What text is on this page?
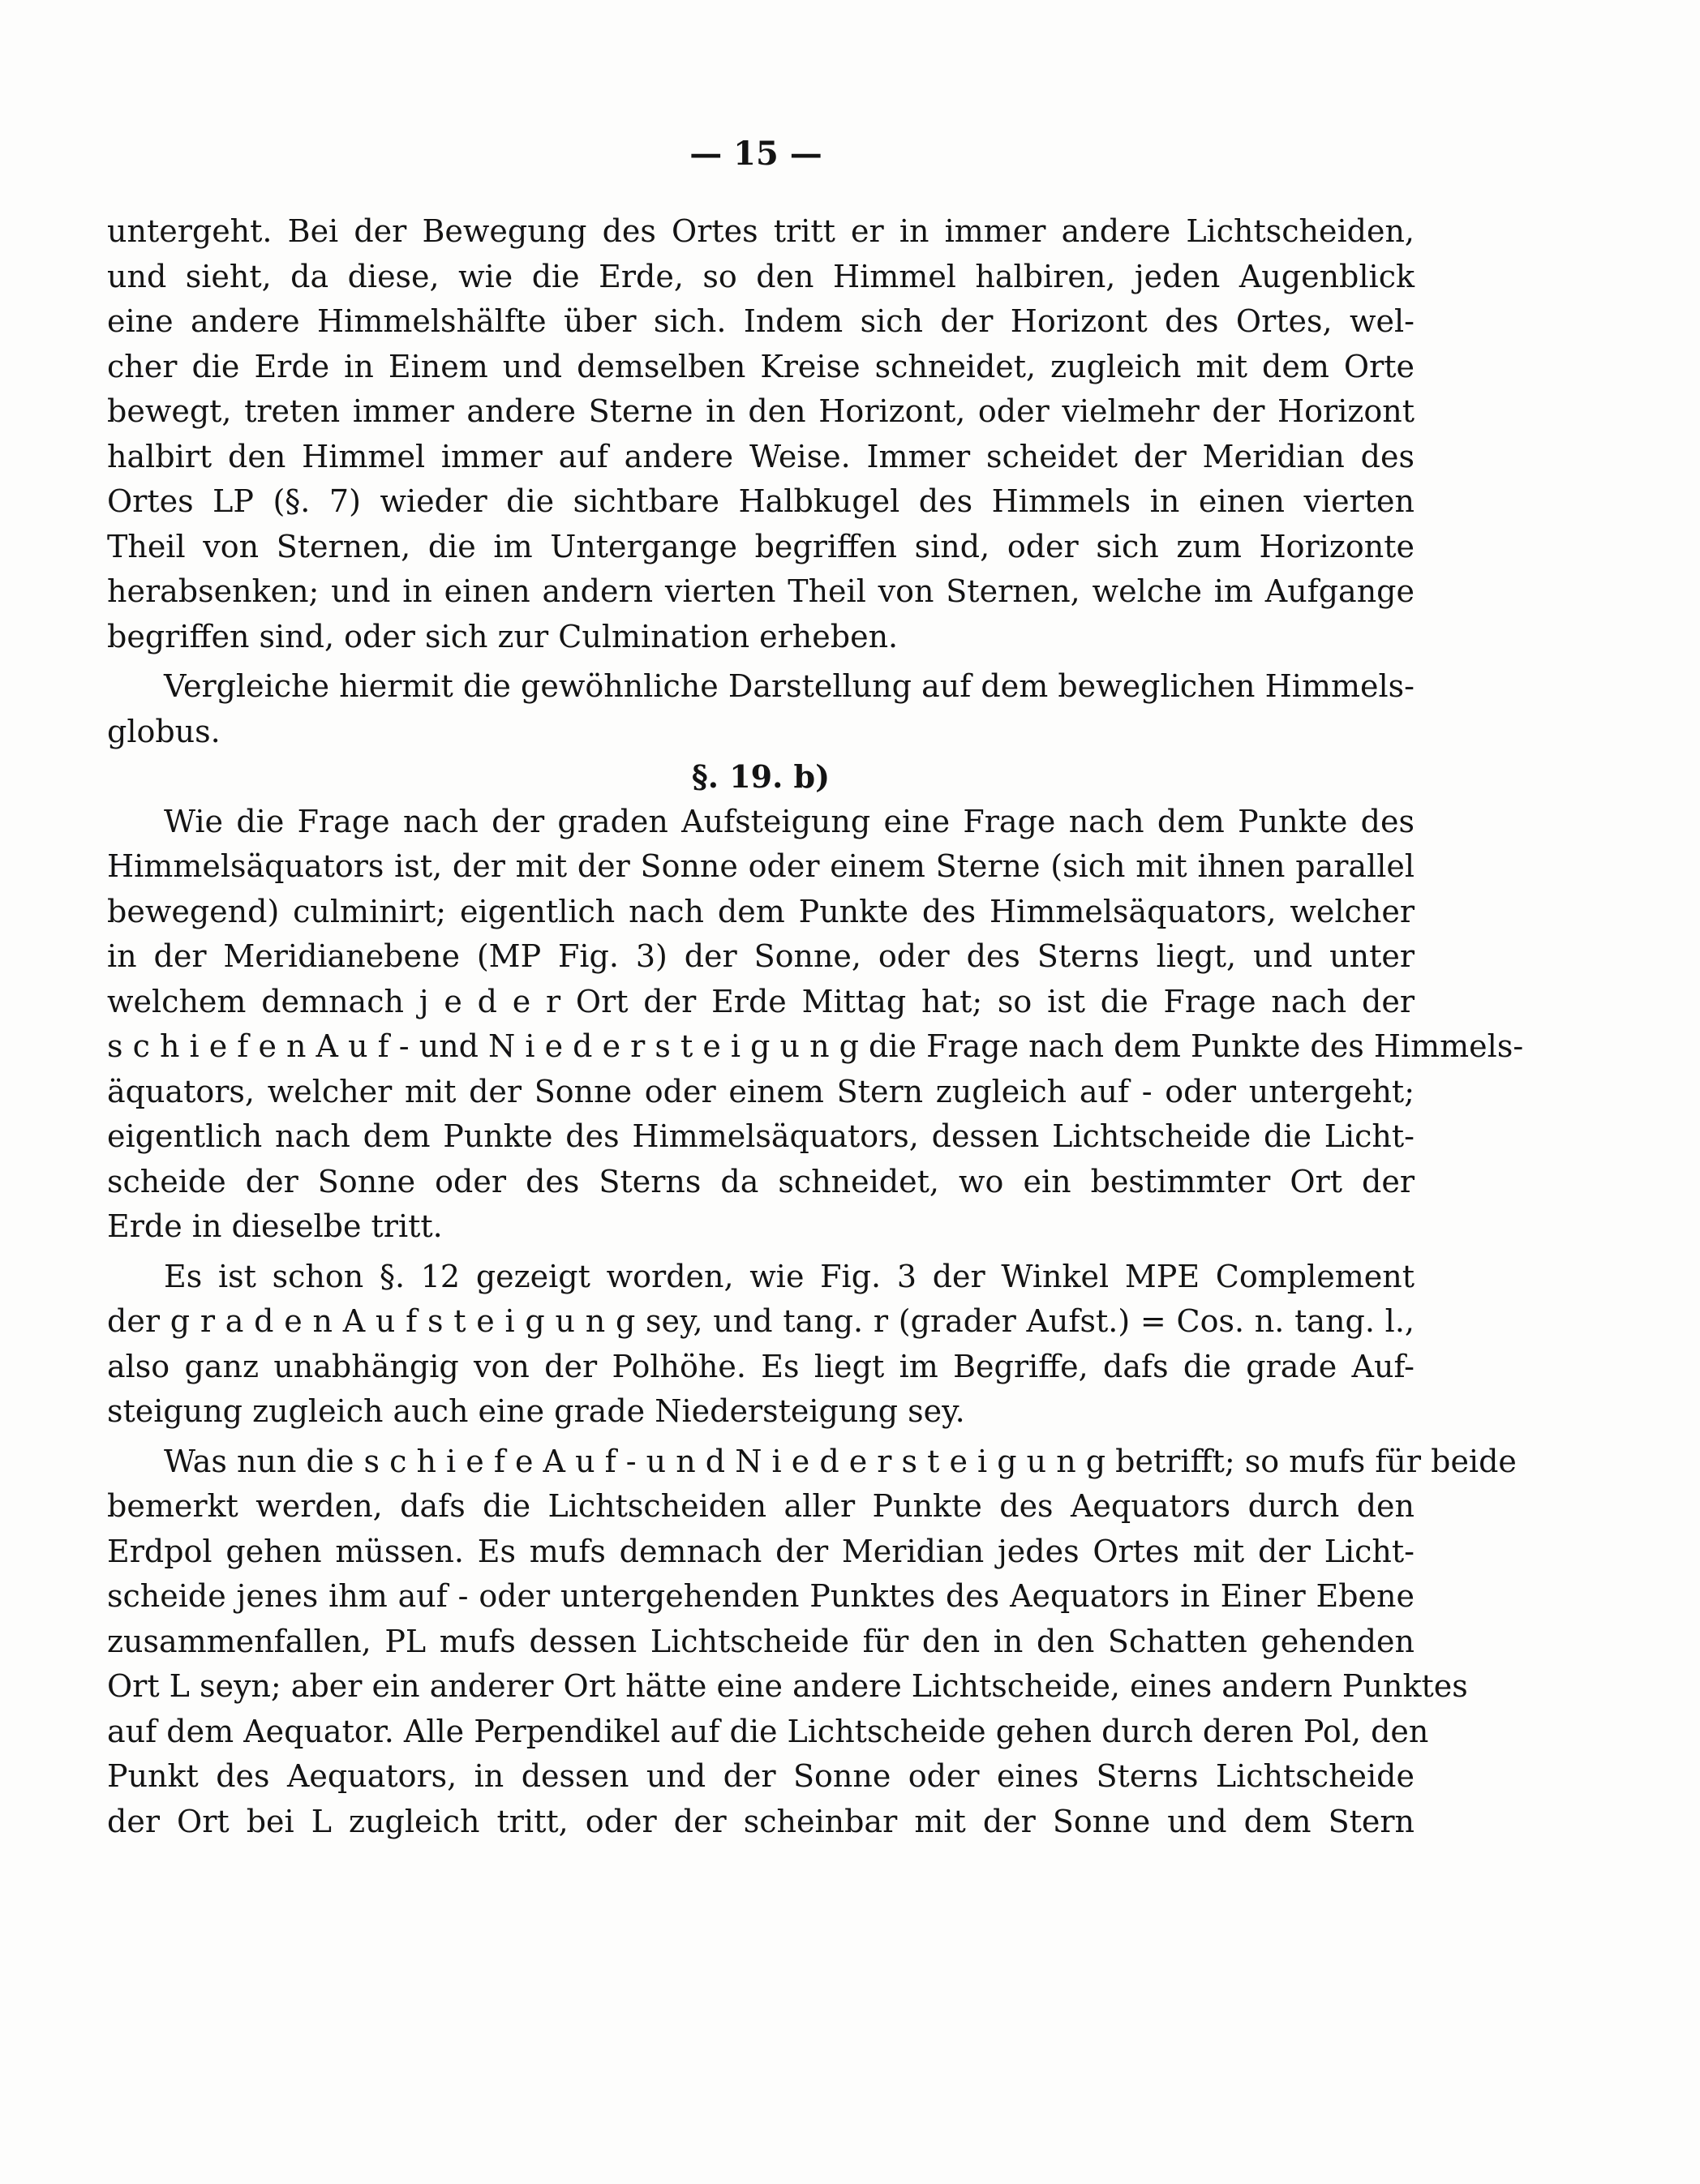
— 15 —
untergeht. Bei der Bewegung des Ortes tritt er in immer andere Lichtscheiden,
und sieht, da diese, wie die Erde, so den Himmel halbiren, jeden Augenblick
eine andere Himmelshälfte über sich. Indem sich der Horizont des Ortes, wel-
cher die Erde in Einem und demselben Kreise schneidet, zugleich mit dem Orte
bewegt, treten immer andere Sterne in den Horizont, oder vielmehr der Horizont
halbirt den Himmel immer auf andere Weise. Immer scheidet der Meridian des
Ortes LP (§. 7) wieder die sichtbare Halbkugel des Himmels in einen vierten
Theil von Sternen, die im Untergange begriffen sind, oder sich zum Horizonte
herabsenken; und in einen andern vierten Theil von Sternen, welche im Aufgange
begriffen sind, oder sich zur Culmination erheben.
Vergleiche hiermit die gewöhnliche Darstellung auf dem beweglichen Himmels-
globus.
§. 19. b)
Wie die Frage nach der graden Aufsteigung eine Frage nach dem Punkte des
Himmelsäquators ist, der mit der Sonne oder einem Sterne (sich mit ihnen parallel
bewegend) culminirt; eigentlich nach dem Punkte des Himmelsäquators, welcher
in der Meridianebene (MP Fig. 3) der Sonne, oder des Sterns liegt, und unter
welchem demnach j e d e r Ort der Erde Mittag hat; so ist die Frage nach der
s c h i e f e n A u f - und N i e d e r s t e i g u n g die Frage nach dem Punkte des Himmels-
äquators, welcher mit der Sonne oder einem Stern zugleich auf - oder untergeht;
eigentlich nach dem Punkte des Himmelsäquators, dessen Lichtscheide die Licht-
scheide der Sonne oder des Sterns da schneidet, wo ein bestimmter Ort der
Erde in dieselbe tritt.
Es ist schon §. 12 gezeigt worden, wie Fig. 3 der Winkel MPE Complement
der g r a d e n A u f s t e i g u n g sey, und tang. r (grader Aufst.) = Cos. n. tang. l.,
also ganz unabhängig von der Polhöhe. Es liegt im Begriffe, dafs die grade Auf-
steigung zugleich auch eine grade Niedersteigung sey.
Was nun die s c h i e f e A u f - u n d N i e d e r s t e i g u n g betrifft; so mufs für beide
bemerkt werden, dafs die Lichtscheiden aller Punkte des Aequators durch den
Erdpol gehen müssen. Es mufs demnach der Meridian jedes Ortes mit der Licht-
scheide jenes ihm auf - oder untergehenden Punktes des Aequators in Einer Ebene
zusammenfallen, PL mufs dessen Lichtscheide für den in den Schatten gehenden
Ort L seyn; aber ein anderer Ort hätte eine andere Lichtscheide, eines andern Punktes
auf dem Aequator. Alle Perpendikel auf die Lichtscheide gehen durch deren Pol, den
Punkt des Aequators, in dessen und der Sonne oder eines Sterns Lichtscheide
der Ort bei L zugleich tritt, oder der scheinbar mit der Sonne und dem Stern
